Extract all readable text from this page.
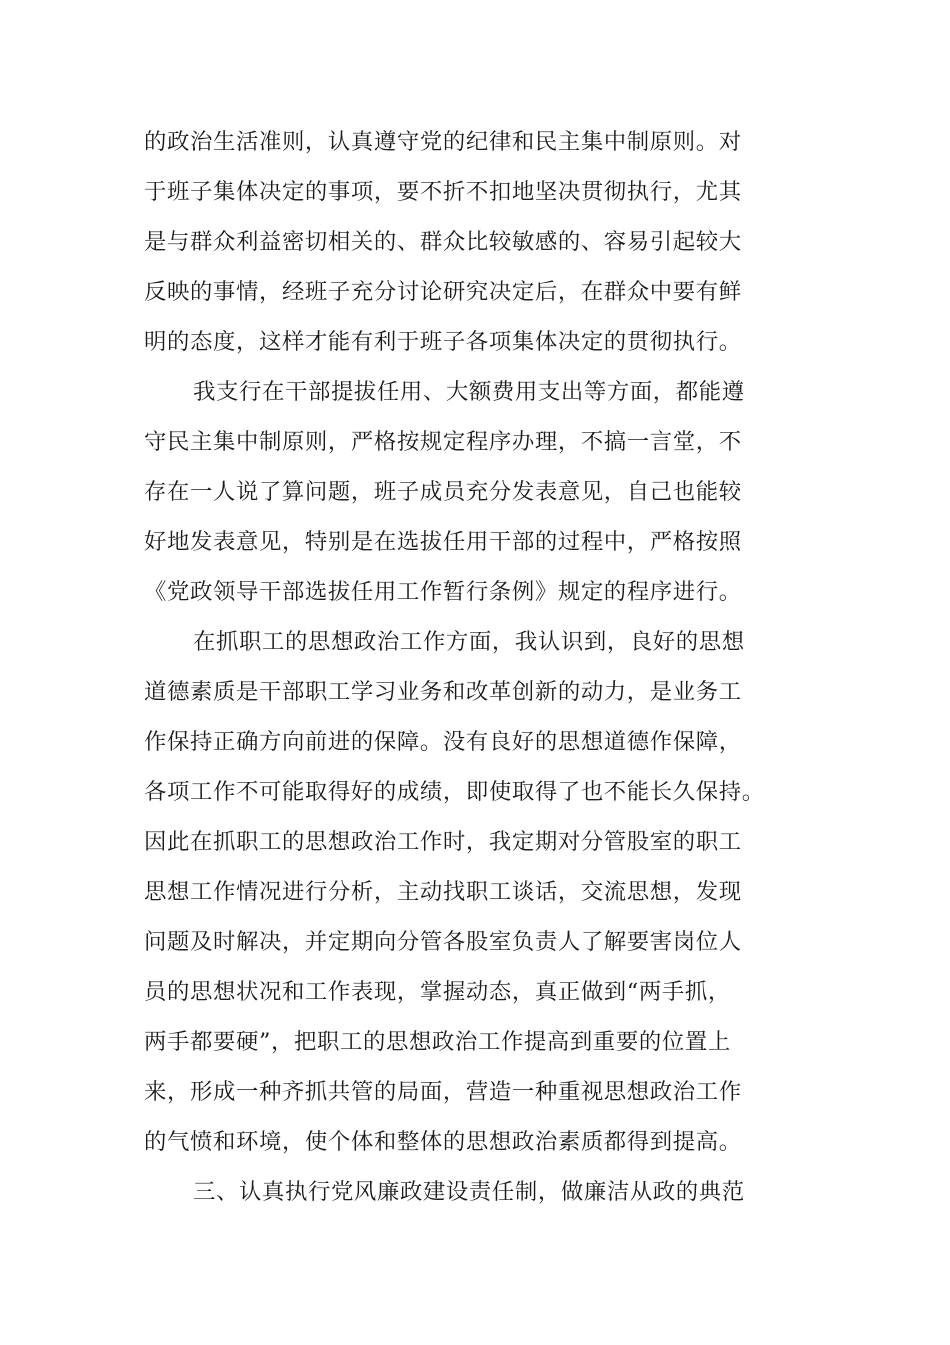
的政治生活准则，认真遵守党的纪律和民主集中制原则。对
于班子集体决定的事项，要不折不扣地坚决贯彻执行，尤其
是与群众利益密切相关的、群众比较敏感的、容易引起较大
反映的事情，经班子充分讨论研究决定后，在群众中要有鲜
明的态度，这样才能有利于班子各项集体决定的贯彻执行。
我支行在干部提拔任用、大额费用支出等方面，都能遵
守民主集中制原则，严格按规定程序办理，不搞一言堂，不
存在一人说了算问题，班子成员充分发表意见，自己也能较
好地发表意见，特别是在选拔任用干部的过程中，严格按照
《党政领导干部选拔任用工作暂行条例》规定的程序进行。
在抓职工的思想政治工作方面，我认识到，良好的思想
道德素质是干部职工学习业务和改革创新的动力，是业务工
作保持正确方向前进的保障。没有良好的思想道德作保障，
各项工作不可能取得好的成绩，即使取得了也不能长久保持。
因此在抓职工的思想政治工作时，我定期对分管股室的职工
思想工作情况进行分析，主动找职工谈话，交流思想，发现
问题及时解决，并定期向分管各股室负责人了解要害岗位人
员的思想状况和工作表现，掌握动态，真正做到“两手抓，
两手都要硬”，把职工的思想政治工作提高到重要的位置上
来，形成一种齐抓共管的局面，营造一种重视思想政治工作
的气愤和环境，使个体和整体的思想政治素质都得到提高。
三、认真执行党风廉政建设责任制，做廉洁从政的典范
